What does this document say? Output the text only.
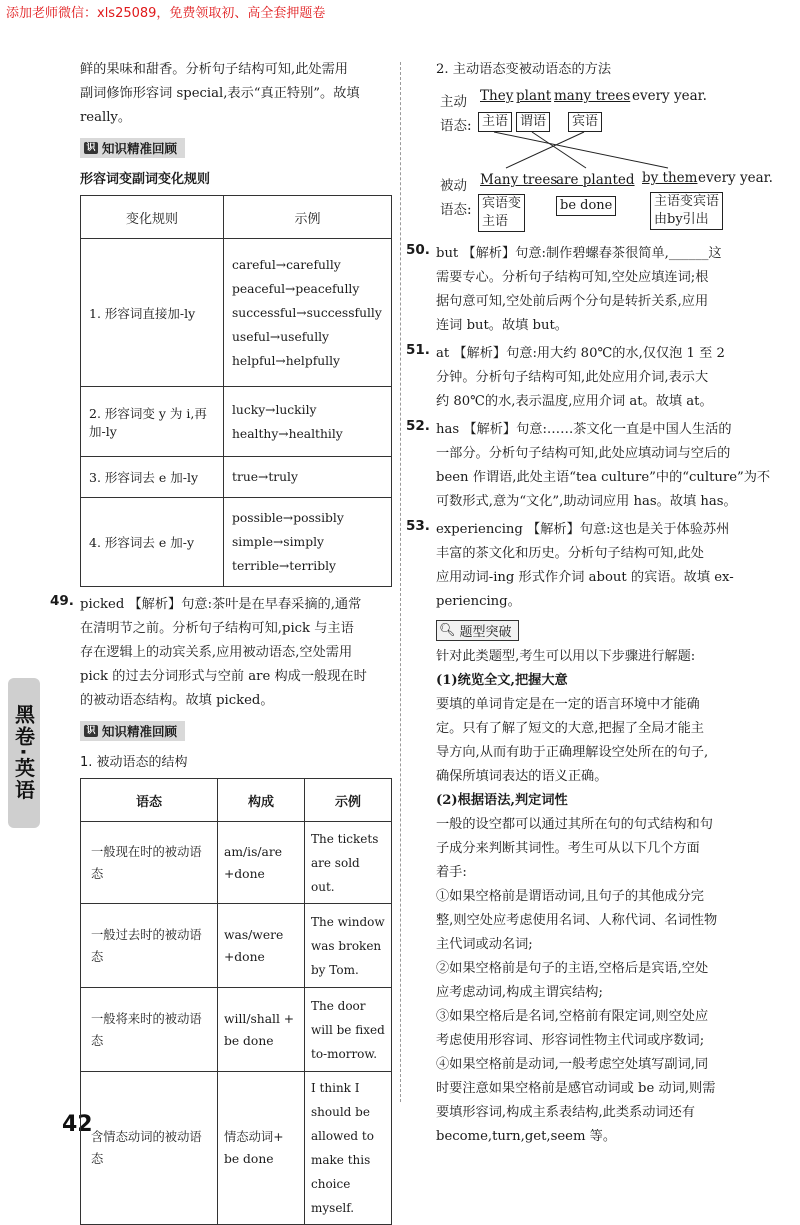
添加老师微信：xls25089，免费领取初、高全套押题卷
黑卷·英语
42

鲜的果味和甜香。分析句子结构可知,此处需用

副词修饰形容词 special,表示“真正特别”。故填

really。

识 知识精准回顾
形容词变副词变化规则
变化规则	示例
1. 形容词直接加-ly	careful→carefully
peaceful→peacefully
successful→successfully
useful→usefully
helpful→helpfully

2. 形容词变 y 为 i,再加-ly	lucky→luckily
healthy→healthily

3. 形容词去 e 加-ly	true→truly

4. 形容词去 e 加-y	possible→possibly
simple→simply
terrible→terribly
49. picked 【解析】句意:茶叶是在早春采摘的,通常

在清明节之前。分析句子结构可知,pick 与主语

存在逻辑上的动宾关系,应用被动语态,空处需用

pick 的过去分词形式与空前 are 构成一般现在时

的被动语态结构。故填 picked。

识 知识精准回顾
1. 被动语态的结构
语态	构成	示例
一般现在时的被动语态	am/is/are +done	The tickets are sold out.
一般过去时的被动语态	was/were +done	The window was broken by Tom.
一般将来时的被动语态	will/shall + be done	The door will be fixed to-morrow.
含情态动词的被动语态	情态动词+ be done	I think I should be allowed to make this choice myself.

2. 主动语态变被动语态的方法

主动
语态:
They plant many trees every year.
主语 谓语	宾语
被动
语态:
Many trees
are planted by them every year.
宾语变
主语
be done	主语变宾语
由by引出
50. but 【解析】句意:制作碧螺春茶很简单,______这

需要专心。分析句子结构可知,空处应填连词;根

据句意可知,空处前后两个分句是转折关系,应用

连词 but。故填 but。

51. at 【解析】句意:用大约 80℃的水,仅仅泡 1 至 2

分钟。分析句子结构可知,此处应用介词,表示大

约 80℃的水,表示温度,应用介词 at。故填 at。

52. has 【解析】句意:……茶文化一直是中国人生活的

一部分。分析句子结构可知,此处应填动词与空后的

been 作谓语,此处主语“tea culture”中的“culture”为不

可数形式,意为“文化”,助动词应用 has。故填 has。

53. experiencing 【解析】句意:这也是关于体验苏州

丰富的茶文化和历史。分析句子结构可知,此处

应用动词-ing 形式作介词 about 的宾语。故填 ex-

periencing。

🔍︎ 题型突破

针对此类题型,考生可以用以下步骤进行解题:

(1)统览全文,把握大意

要填的单词肯定是在一定的语言环境中才能确

定。只有了解了短文的大意,把握了全局才能主

导方向,从而有助于正确理解设空处所在的句子,

确保所填词表达的语义正确。

(2)根据语法,判定词性

一般的设空都可以通过其所在句的句式结构和句

子成分来判断其词性。考生可从以下几个方面

着手:

①如果空格前是谓语动词,且句子的其他成分完

整,则空处应考虑使用名词、人称代词、名词性物

主代词或动名词;

②如果空格前是句子的主语,空格后是宾语,空处

应考虑动词,构成主谓宾结构;

③如果空格后是名词,空格前有限定词,则空处应

考虑使用形容词、形容词性物主代词或序数词;

④如果空格前是动词,一般考虑空处填写副词,同

时要注意如果空格前是感官动词或 be 动词,则需

要填形容词,构成主系表结构,此类系动词还有

become,turn,get,seem 等。
